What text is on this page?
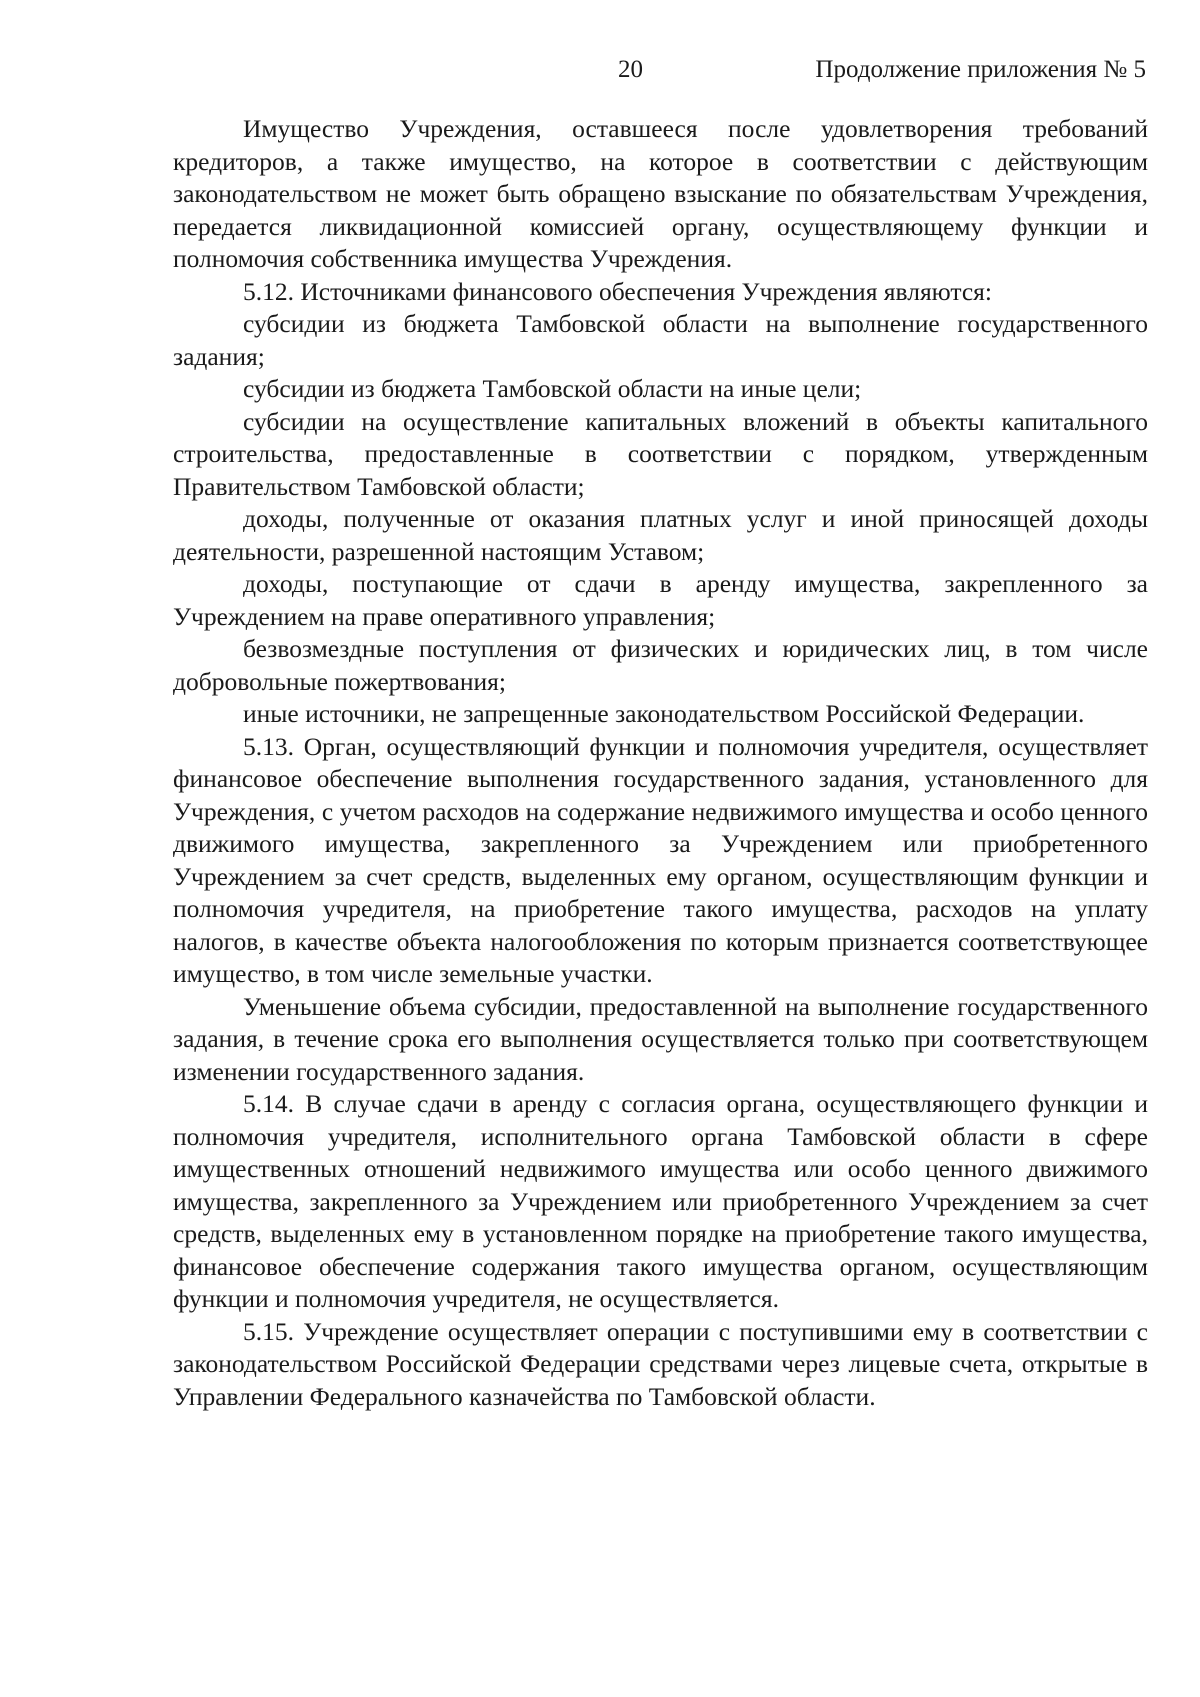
20	Продолжение приложения № 5

Имущество Учреждения, оставшееся после удовлетворения требований кредиторов, а также имущество, на которое в соответствии с действующим законодательством не может быть обращено взыскание по обязательствам Учреждения, передается ликвидационной комиссией органу, осуществляющему функции и полномочия собственника имущества Учреждения.

5.12. Источниками финансового обеспечения Учреждения являются:

субсидии из бюджета Тамбовской области на выполнение государственного задания;

субсидии из бюджета Тамбовской области на иные цели;

субсидии на осуществление капитальных вложений в объекты капитального строительства, предоставленные в соответствии с порядком, утвержденным Правительством Тамбовской области;

доходы, полученные от оказания платных услуг и иной приносящей доходы деятельности, разрешенной настоящим Уставом;

доходы, поступающие от сдачи в аренду имущества, закрепленного за Учреждением на праве оперативного управления;

безвозмездные поступления от физических и юридических лиц, в том числе добровольные пожертвования;

иные источники, не запрещенные законодательством Российской Федерации.

5.13. Орган, осуществляющий функции и полномочия учредителя, осуществляет финансовое обеспечение выполнения государственного задания, установленного для Учреждения, с учетом расходов на содержание недвижимого имущества и особо ценного движимого имущества, закрепленного за Учреждением или приобретенного Учреждением за счет средств, выделенных ему органом, осуществляющим функции и полномочия учредителя, на приобретение такого имущества, расходов на уплату налогов, в качестве объекта налогообложения по которым признается соответствующее имущество, в том числе земельные участки.

Уменьшение объема субсидии, предоставленной на выполнение государственного задания, в течение срока его выполнения осуществляется только при соответствующем изменении государственного задания.

5.14. В случае сдачи в аренду с согласия органа, осуществляющего функции и полномочия учредителя, исполнительного органа Тамбовской области в сфере имущественных отношений недвижимого имущества или особо ценного движимого имущества, закрепленного за Учреждением или приобретенного Учреждением за счет средств, выделенных ему в установленном порядке на приобретение такого имущества, финансовое обеспечение содержания такого имущества органом, осуществляющим функции и полномочия учредителя, не осуществляется.

5.15. Учреждение осуществляет операции с поступившими ему в соответствии с законодательством Российской Федерации средствами через лицевые счета, открытые в Управлении Федерального казначейства по Тамбовской области.
